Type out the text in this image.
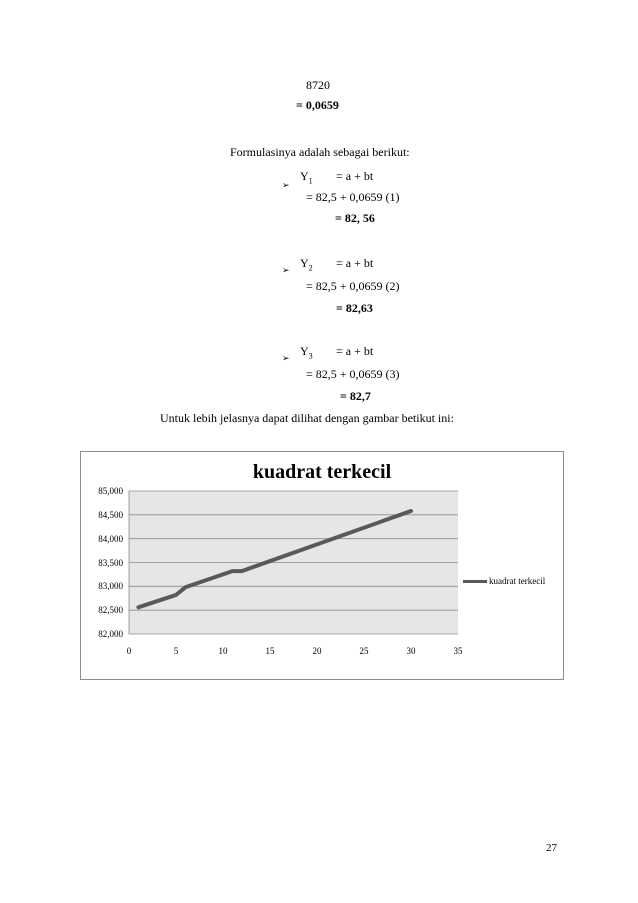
8720
= 0,0659
Formulasinya adalah sebagai berikut:
➢
$Y_1 = a$ + bt
= 82,5 + 0,0659 (1)
= 82, 56
➢ $Y_2 = a$ + bt
= 82,5 + 0,0659 (2)
= 82,63
➢ $Y_3 = a$ + bt
= 82,5 + 0,0659 (3)
= 82,7
Untuk lebih jelasnya dapat dilihat dengan gambar betikut ini:
kuadrat terkecil
kuadrat terkecil
82,000
82,500
83,000
83,500
84,000
84,500
85,000
0	5	10	15	20	25	30	35
27
